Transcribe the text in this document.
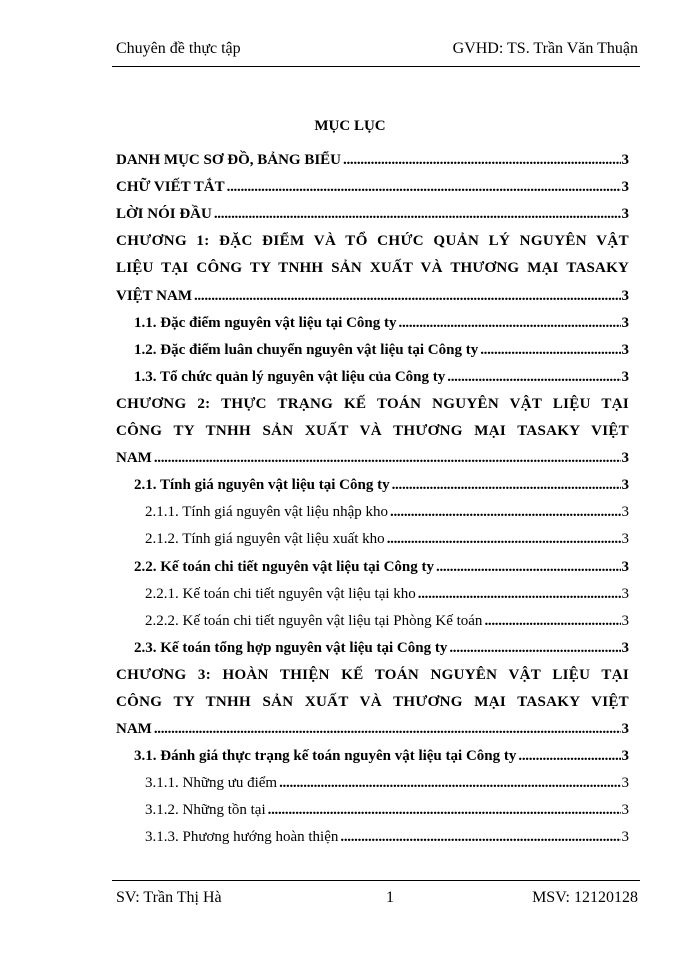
Chuyên đề thực tập	GVHD: TS. Trần Văn Thuận
MỤC LỤC
DANH MỤC SƠ ĐỒ, BẢNG BIỂU .....	3
CHỮ VIẾT TẮT .....	3
LỜI NÓI ĐẦU .....	3
CHƯƠNG 1: ĐẶC ĐIỂM VÀ TỔ CHỨC QUẢN LÝ NGUYÊN VẬT
LIỆU TẠI CÔNG TY TNHH SẢN XUẤT VÀ THƯƠNG MẠI TASAKY
VIỆT NAM .....	3
1.1. Đặc điểm nguyên vật liệu tại Công ty .....	3
1.2. Đặc điểm luân chuyển nguyên vật liệu tại Công ty .....	3
1.3. Tổ chức quản lý nguyên vật liệu của Công ty .....	3
CHƯƠNG 2: THỰC TRẠNG KẾ TOÁN NGUYÊN VẬT LIỆU TẠI
CÔNG TY TNHH SẢN XUẤT VÀ THƯƠNG MẠI TASAKY VIỆT
NAM .....	3
2.1. Tính giá nguyên vật liệu tại Công ty .....	3
2.1.1. Tính giá nguyên vật liệu nhập kho .....	3
2.1.2. Tính giá nguyên vật liệu xuất kho .....	3
2.2. Kế toán chi tiết nguyên vật liệu tại Công ty .....	3
2.2.1. Kế toán chi tiết nguyên vật liệu tại kho .....	3
2.2.2. Kế toán chi tiết nguyên vật liệu tại Phòng Kế toán .....	3
2.3. Kế toán tổng hợp nguyên vật liệu tại Công ty .....	3
CHƯƠNG 3: HOÀN THIỆN KẾ TOÁN NGUYÊN VẬT LIỆU TẠI
CÔNG TY TNHH SẢN XUẤT VÀ THƯƠNG MẠI TASAKY VIỆT
NAM .....	3
3.1. Đánh giá thực trạng kế toán nguyên vật liệu tại Công ty .....	3
3.1.1. Những ưu điểm .....	3
3.1.2. Những tồn tại .....	3
3.1.3. Phương hướng hoàn thiện .....	3
SV: Trần Thị Hà	1	MSV: 12120128
